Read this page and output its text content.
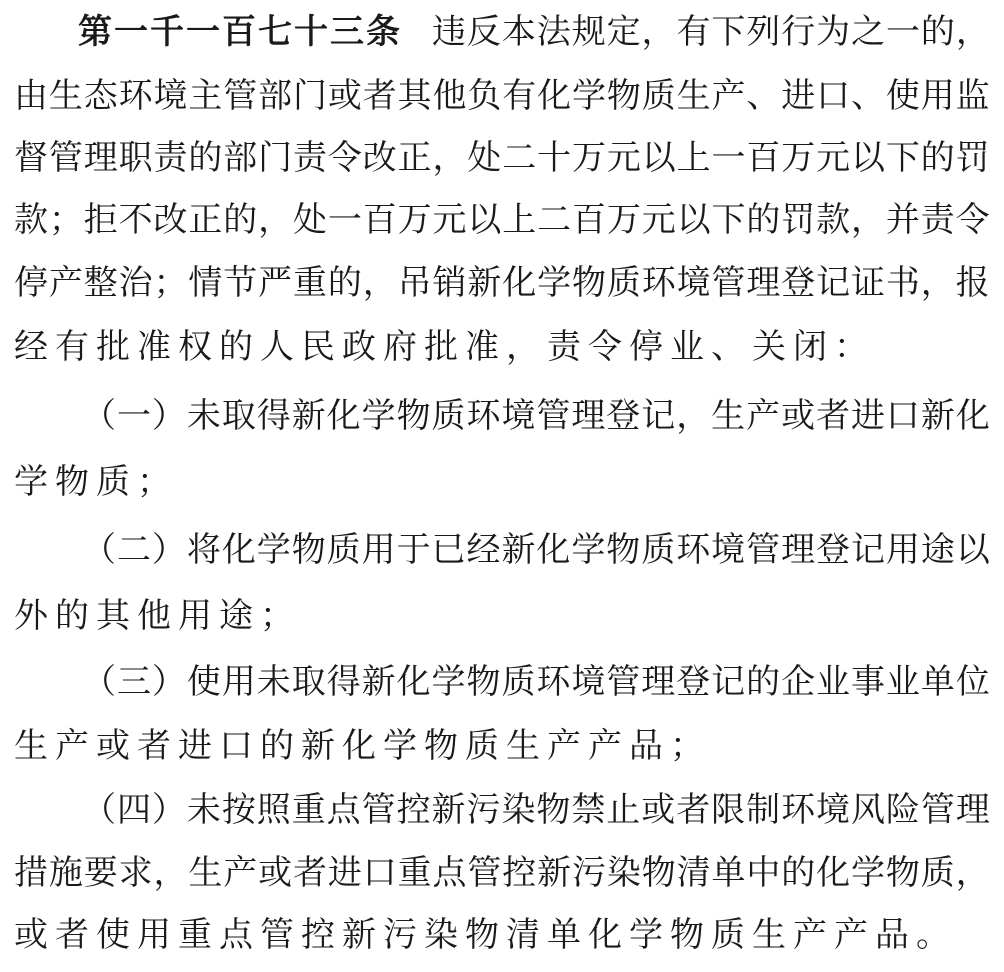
第一千一百七十三条 违 反 本 法 规 定 ， 有 下 列 行 为 之 一 的 ，
由 生 态 环 境 主 管 部 门 或 者 其 他 负 有 化 学 物 质 生 产 、 进 口 、 使 用 监
督 管 理 职 责 的 部 门 责 令 改 正 ， 处 二 十 万 元 以 上 一 百 万 元 以 下 的 罚
款 ； 拒 不 改 正 的 ， 处 一 百 万 元 以 上 二 百 万 元 以 下 的 罚 款 ， 并 责 令
停 产 整 治 ； 情 节 严 重 的 ， 吊 销 新 化 学 物 质 环 境 管 理 登 记 证 书 ， 报
经有批准权的人民政府批准，责令停业、关闭：
（ 一 ） 未 取 得 新 化 学 物 质 环 境 管 理 登 记 ， 生 产 或 者 进 口 新 化
学物质；
（ 二 ） 将 化 学 物 质 用 于 已 经 新 化 学 物 质 环 境 管 理 登 记 用 途 以
外的其他用途；
（ 三 ） 使 用 未 取 得 新 化 学 物 质 环 境 管 理 登 记 的 企 业 事 业 单 位
生产或者进口的新化学物质生产产品；
（ 四 ） 未 按 照 重 点 管 控 新 污 染 物 禁 止 或 者 限 制 环 境 风 险 管 理
措 施 要 求 ， 生 产 或 者 进 口 重 点 管 控 新 污 染 物 清 单 中 的 化 学 物 质 ，
或者使用重点管控新污染物清单化学物质生产产品。
